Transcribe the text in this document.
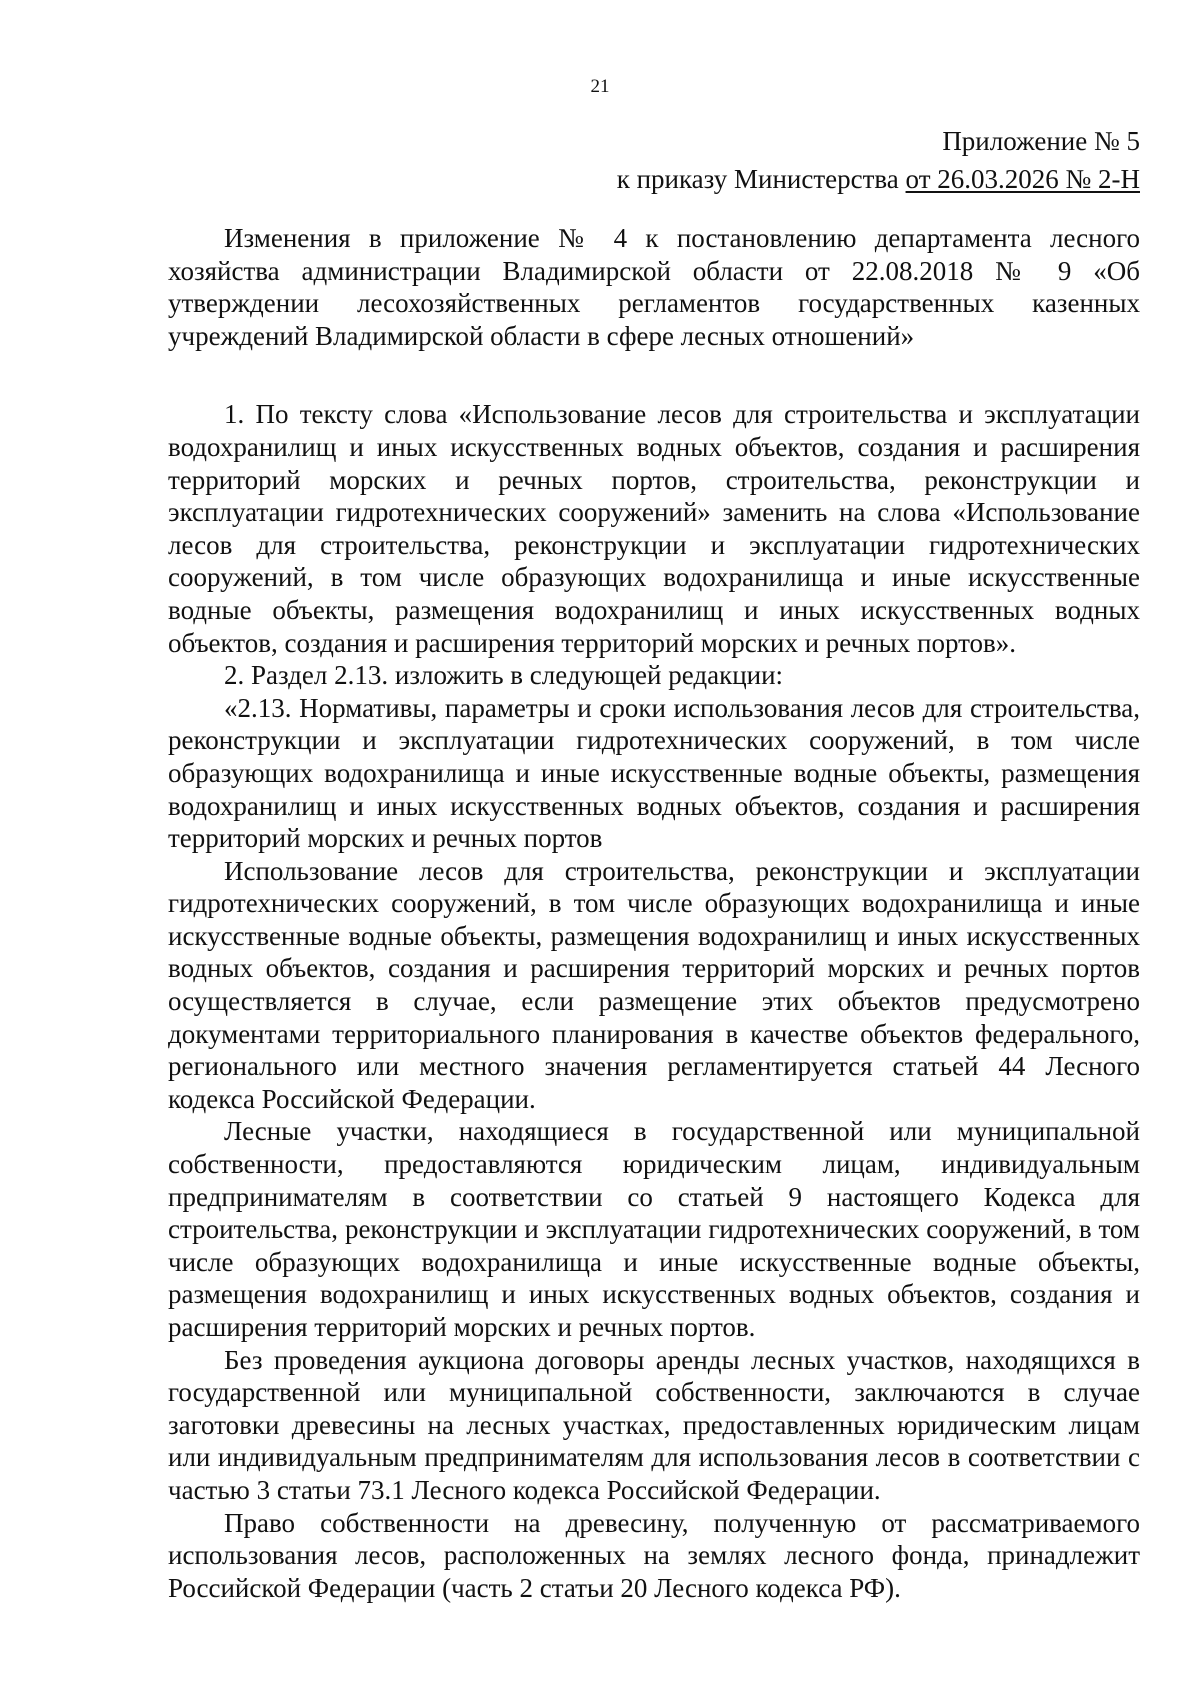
21
Приложение № 5
к приказу Министерства от 26.03.2026 № 2-Н

Изменения в приложение № 4 к постановлению департамента лесного хозяйства администрации Владимирской области от 22.08.2018 № 9 «Об утверждении лесохозяйственных регламентов государственных казенных учреждений Владимирской области в сфере лесных отношений»

1. По тексту слова «Использование лесов для строительства и эксплуатации водохранилищ и иных искусственных водных объектов, создания и расширения территорий морских и речных портов, строительства, реконструкции и эксплуатации гидротехнических сооружений» заменить на слова «Использование лесов для строительства, реконструкции и эксплуатации гидротехнических сооружений, в том числе образующих водохранилища и иные искусственные водные объекты, размещения водохранилищ и иных искусственных водных объектов, создания и расширения территорий морских и речных портов».

2. Раздел 2.13. изложить в следующей редакции:

«2.13. Нормативы, параметры и сроки использования лесов для строительства, реконструкции и эксплуатации гидротехнических сооружений, в том числе образующих водохранилища и иные искусственные водные объекты, размещения водохранилищ и иных искусственных водных объектов, создания и расширения территорий морских и речных портов

Использование лесов для строительства, реконструкции и эксплуатации гидротехнических сооружений, в том числе образующих водохранилища и иные искусственные водные объекты, размещения водохранилищ и иных искусственных водных объектов, создания и расширения территорий морских и речных портов осуществляется в случае, если размещение этих объектов предусмотрено документами территориального планирования в качестве объектов федерального, регионального или местного значения регламентируется статьей 44 Лесного кодекса Российской Федерации.

Лесные участки, находящиеся в государственной или муниципальной собственности, предоставляются юридическим лицам, индивидуальным предпринимателям в соответствии со статьей 9 настоящего Кодекса для строительства, реконструкции и эксплуатации гидротехнических сооружений, в том числе образующих водохранилища и иные искусственные водные объекты, размещения водохранилищ и иных искусственных водных объектов, создания и расширения территорий морских и речных портов.

Без проведения аукциона договоры аренды лесных участков, находящихся в государственной или муниципальной собственности, заключаются в случае заготовки древесины на лесных участках, предоставленных юридическим лицам или индивидуальным предпринимателям для использования лесов в соответствии с частью 3 статьи 73.1 Лесного кодекса Российской Федерации.

Право собственности на древесину, полученную от рассматриваемого использования лесов, расположенных на землях лесного фонда, принадлежит Российской Федерации (часть 2 статьи 20 Лесного кодекса РФ).
